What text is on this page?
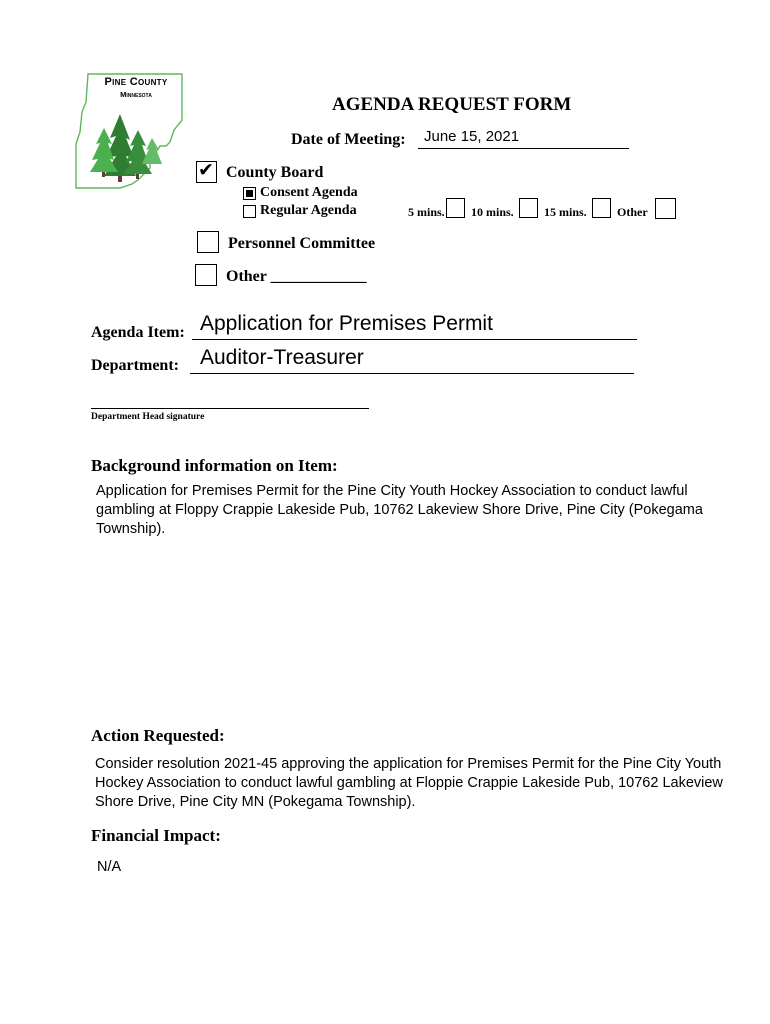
Pine County
Minnesota	AGENDA REQUEST FORM
Date of Meeting: June 15, 2021
✔ County Board
Consent Agenda
Regular Agenda	5 mins. 10 mins.	15 mins.	Other
Personnel Committee
Other ____________
Agenda Item: Application for Premises Permit
Department: Auditor-Treasurer
Department Head signature
Background information on Item:
Application for Premises Permit for the Pine City Youth Hockey Association to conduct lawful gambling at Floppy Crappie Lakeside Pub, 10762 Lakeview Shore Drive, Pine City (Pokegama Township).
Action Requested:
Consider resolution 2021-45 approving the application for Premises Permit for the Pine City Youth Hockey Association to conduct lawful gambling at Floppie Crappie Lakeside Pub, 10762 Lakeview Shore Drive, Pine City MN (Pokegama Township).
Financial Impact:
N/A
